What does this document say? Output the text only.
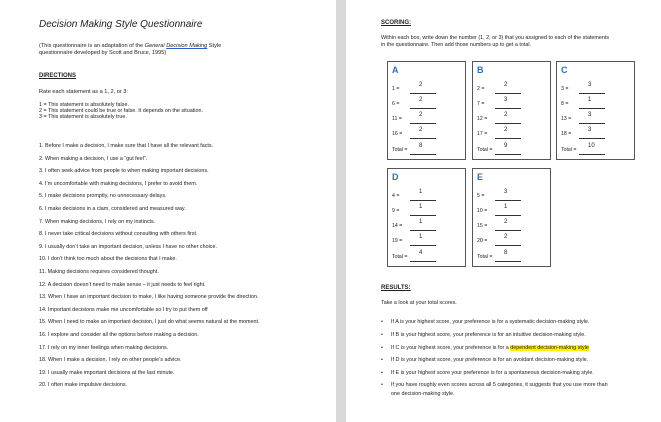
Decision Making Style Questionnaire
(This questionnaire is an adaptation of the General Decision Making Style
questionnaire developed by Scott and Bruce, 1995)
DIRECTIONS
Rate each statement as a 1, 2, or 3:
1 = This statement is absolutely false.
2 = This statement could be true or false. It depends on the situation.
3 = This statement is absolutely true.
1. Before I make a decision, I make sure that I have all the relevant facts.
2. When making a decision, I use a “gut feel”.
3. I often seek advice from people to when making important decisions.
4. I’m uncomfortable with making decisions, I prefer to avoid them.
5. I make decisions promptly, no unnecessary delays.
6. I make decisions in a clam, considered and measured way.
7. When making decisions, I rely on my instincts.
8. I never take critical decisions without consulting with others first.
9. I usually don’t take an important decision, unless I have no other choice.
10. I don’t think too much about the decisions that I make.
11. Making decisions requires considered thought.
12. A decision doesn’t need to make sense – it just needs to feel right.
13. When I have an important decision to make, I like having someone provide the direction.
14. Important decisions make me uncomfortable so I try to put them off
15. When I need to make an important decision, I just do what seems natural at the moment.
16. I explore and consider all the options before making a decision.
17. I rely on my inner feelings when making decisions.
18. When I make a decision, I rely on other people’s advice.
19. I usually make important decisions at the last minute.
20. I often make impulsive decisions.
SCORING:
Within each box, write down the number (1, 2, or 3) that you assigned to each of the statements
in the questionnaire. Then add those numbers up to get a total.
A
1 =
2
6 =
2
11 =
2
16 =
2
Total =
8
B
2 =
2
7 =
3
12 =
2
17 =
2
Total =
9
C
3 =
3
8 =
1
13 =
3
18 =
3
Total =
10
D
4 =
1
9 =
1
14 =
1
19 =
1
Total =
4
E
5 =
3
10 =
1
15 =
2
20 =
2
Total =
8
RESULTS:
Take a look at your total scores.
• If A is your highest score, your preference is for a systematic decision-making style.
• If B is your highest score, your preference is for an intuitive decision-making style.
• If C is your highest score, your preference is for a dependent decision-making style
• If D is your highest score, your preference is for an avoidant decision-making style.
• If E is your highest score your preference is for a spontaneous decision-making style.
• If you have roughly even scores across all 5 categories, it suggests that you use more than
one decision-making style.
